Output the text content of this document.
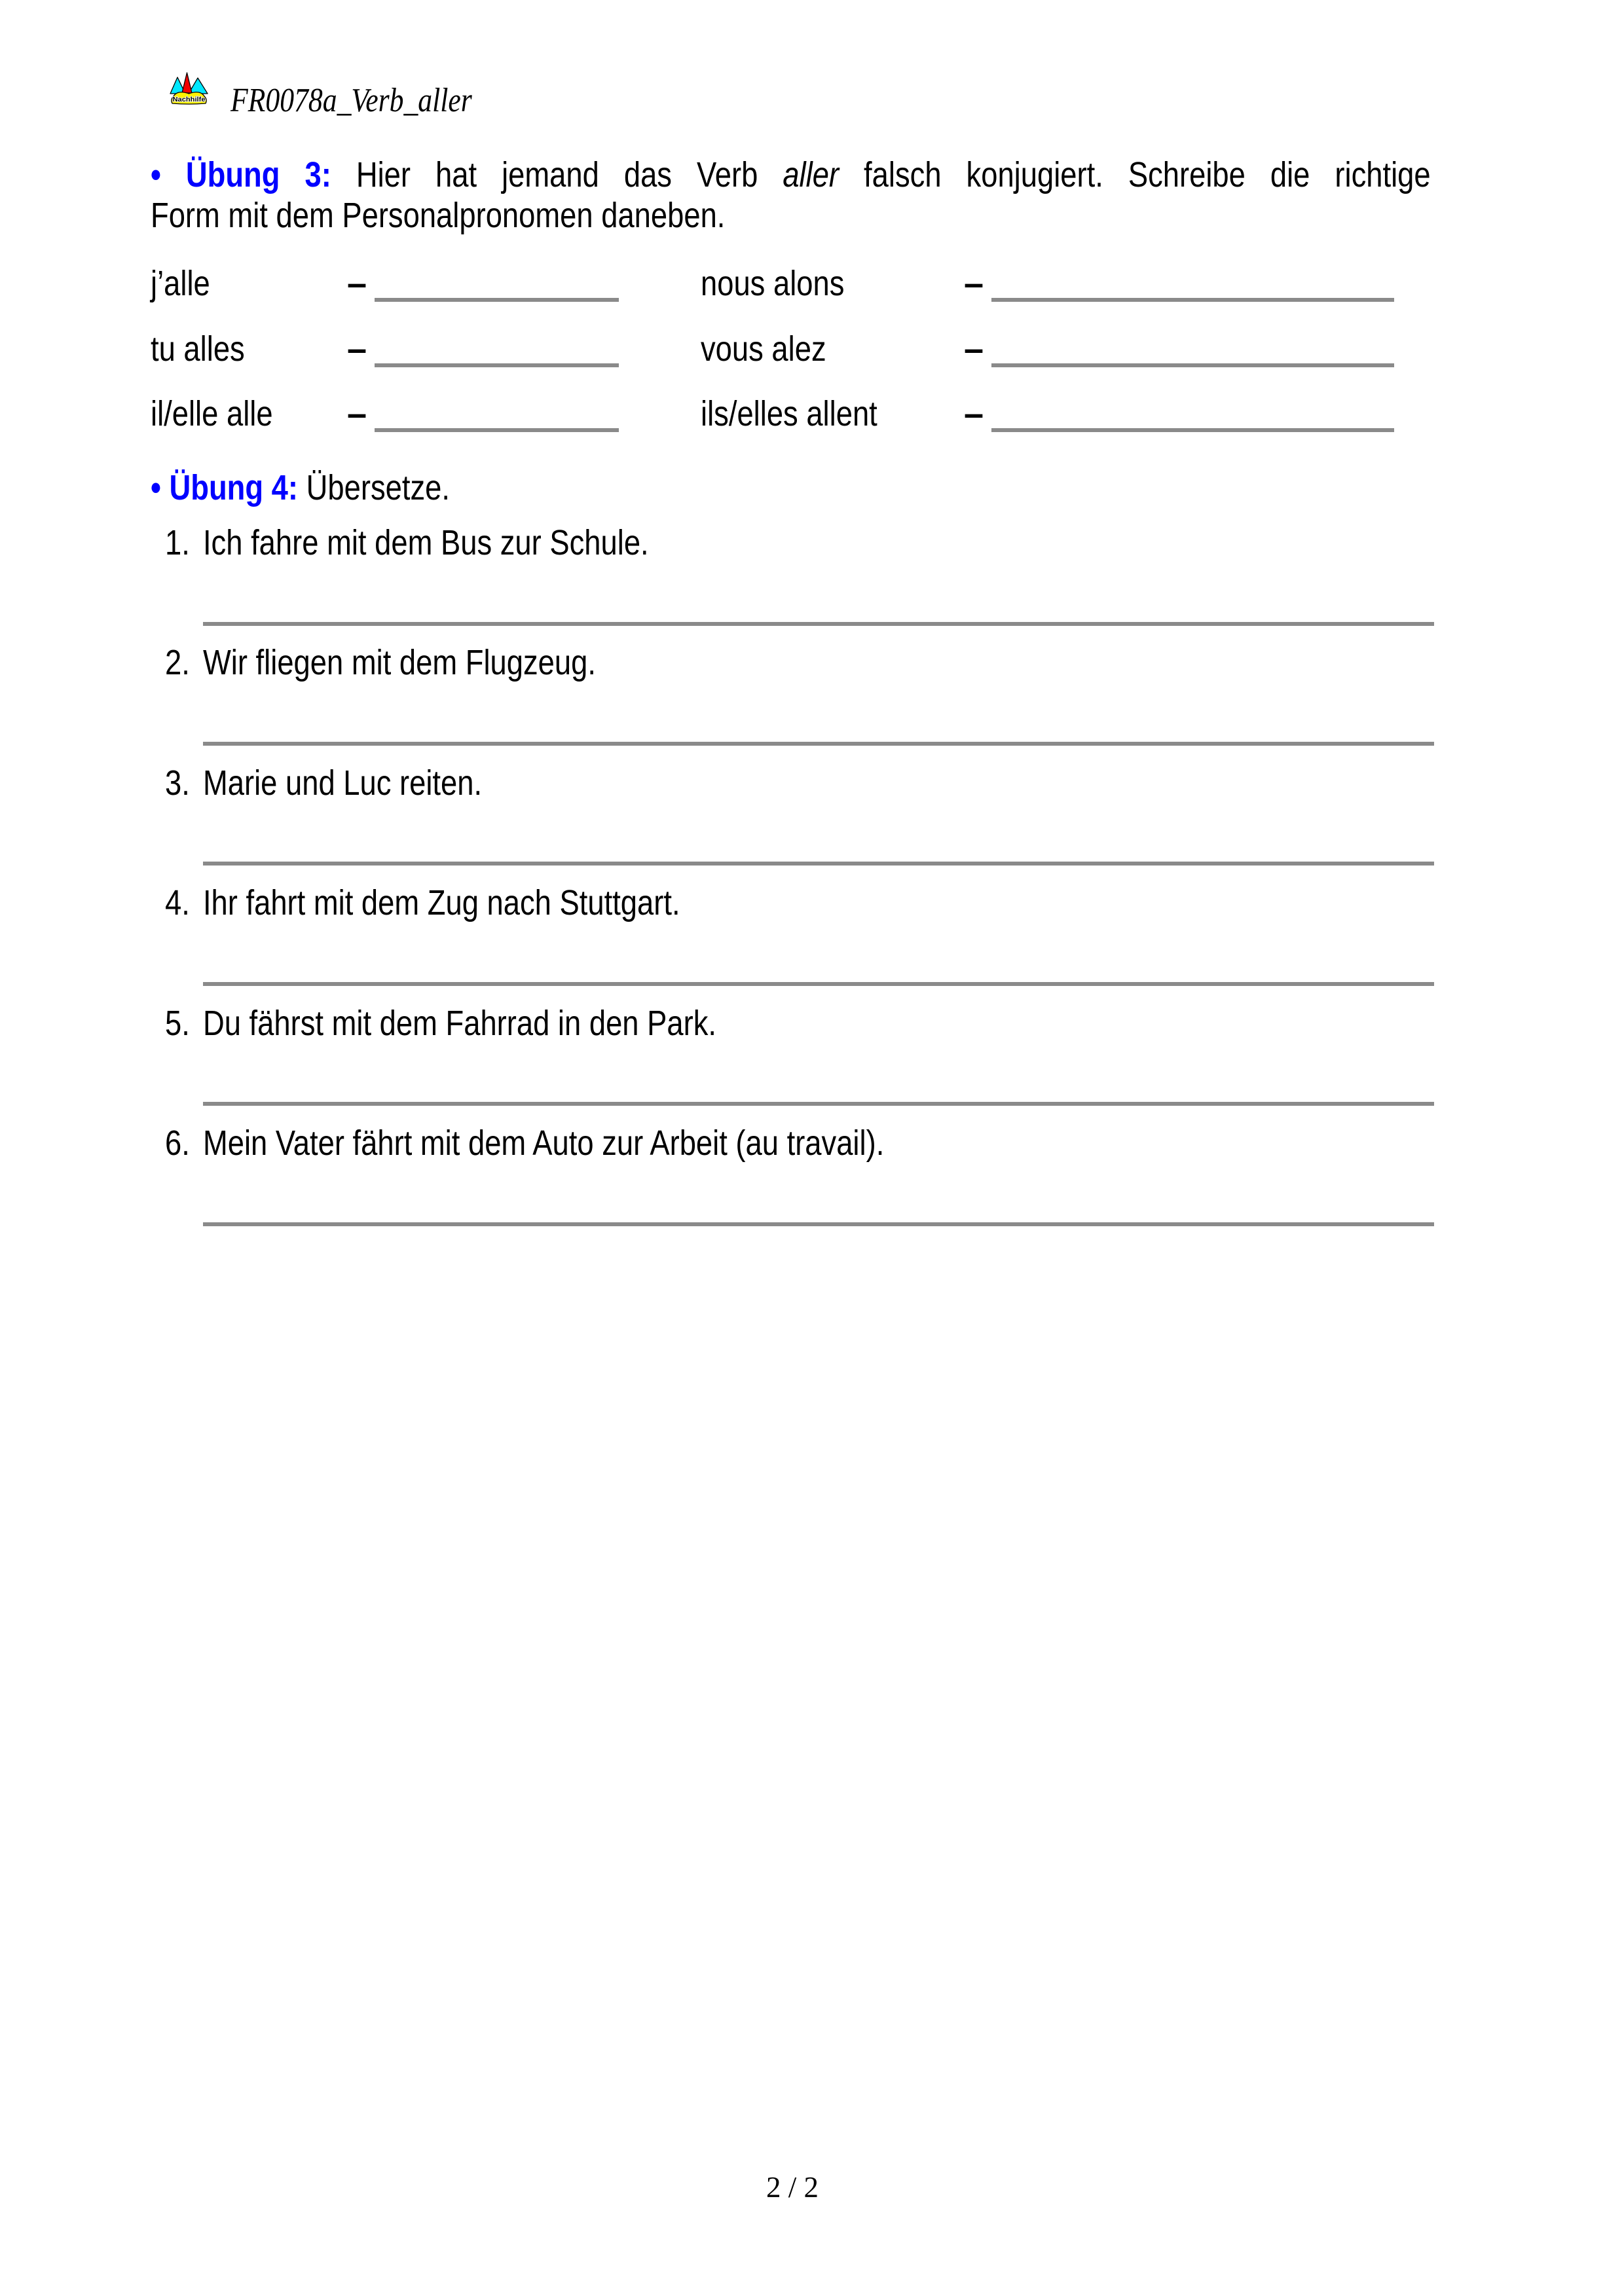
Nachhilfe FR0078a_Verb_aller
• Übung 3: Hier hat jemand das Verb aller falsch konjugiert. Schreibe die richtige
Form mit dem Personalpronomen daneben.
j’alle	–	nous alons	–
tu alles	–	vous alez	–
il/elle alle	–	ils/elles allent	–
• Übung 4: Übersetze.
1. Ich fahre mit dem Bus zur Schule.
2. Wir fliegen mit dem Flugzeug.
3. Marie und Luc reiten.
4. Ihr fahrt mit dem Zug nach Stuttgart.
5. Du fährst mit dem Fahrrad in den Park.
6. Mein Vater fährt mit dem Auto zur Arbeit (au travail).
2 / 2
